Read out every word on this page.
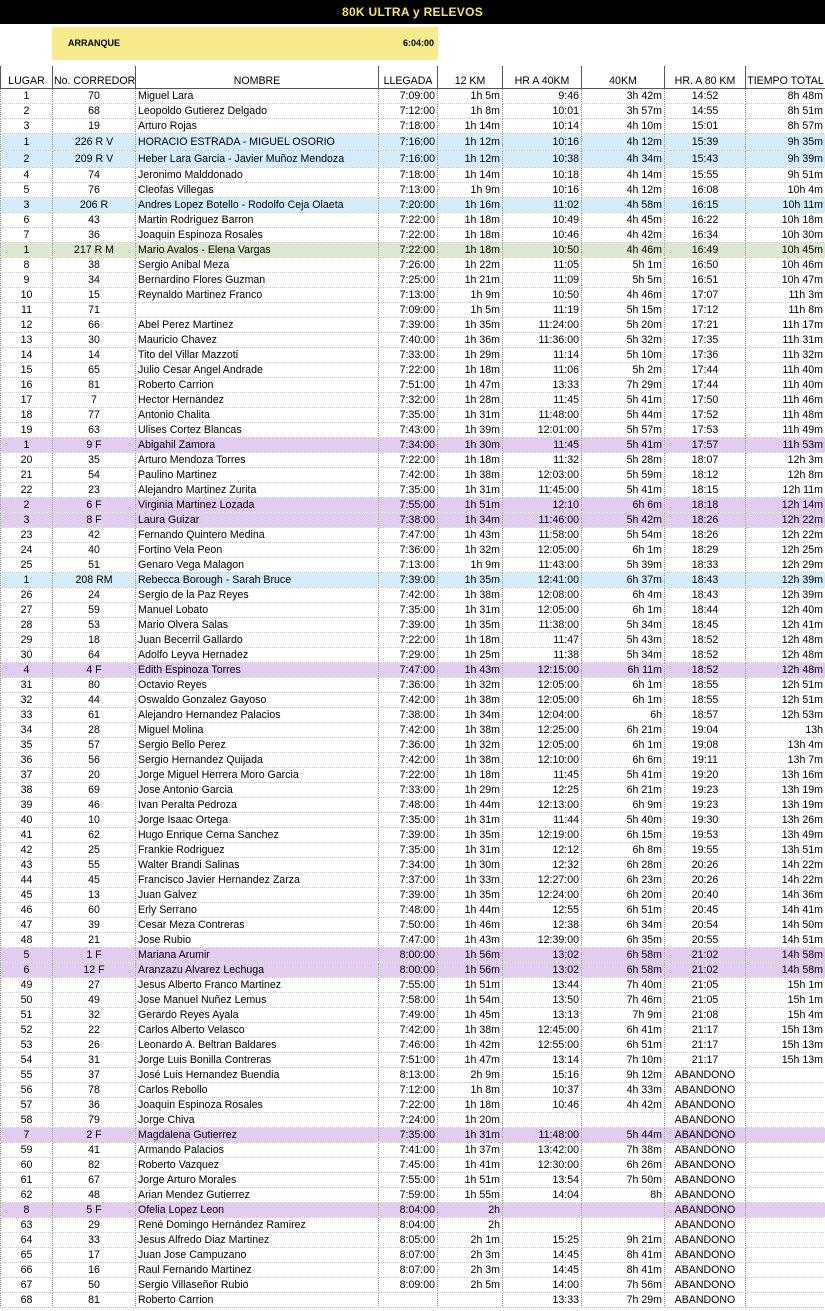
80K ULTRA y RELEVOS
ARRANQUE	6:04:00
LUGAR	No. CORREDOR	NOMBRE	LLEGADA	12 KM	HR A 40KM	40KM	HR. A 80 KM	TIEMPO TOTAL
1	70	Miguel Lara	7:09:00	1h 5m	9:46	3h 42m	14:52	8h 48m
2	68	Leopoldo Gutierez Delgado	7:12:00	1h 8m	10:01	3h 57m	14:55	8h 51m
3	19	Arturo Rojas	7:18:00	1h 14m	10:14	4h 10m	15:01	8h 57m
1	226 R V	HORACIO ESTRADA - MIGUEL OSORIO	7:16:00	1h 12m	10:16	4h 12m	15:39	9h 35m
2	209 R V	Heber Lara Garcia - Javier Muñoz Mendoza	7:16:00	1h 12m	10:38	4h 34m	15:43	9h 39m
4	74	Jeronimo Malddonado	7:18:00	1h 14m	10:18	4h 14m	15:55	9h 51m
5	76	Cleofas Villegas	7:13:00	1h 9m	10:16	4h 12m	16:08	10h 4m
3	206 R	Andres Lopez Botello - Rodolfo Ceja Olaeta	7:20:00	1h 16m	11:02	4h 58m	16:15	10h 11m
6	43	Martin Rodriguez Barron	7:22:00	1h 18m	10:49	4h 45m	16:22	10h 18m
7	36	Joaquin Espinoza Rosales	7:22:00	1h 18m	10:46	4h 42m	16:34	10h 30m
1	217 R M	Mario Avalos - Elena Vargas	7:22:00	1h 18m	10:50	4h 46m	16:49	10h 45m
8	38	Sergio Anibal Meza	7:26:00	1h 22m	11:05	5h 1m	16:50	10h 46m
9	34	Bernardino Flores Guzman	7:25:00	1h 21m	11:09	5h 5m	16:51	10h 47m
10	15	Reynaldo Martinez Franco	7:13:00	1h 9m	10:50	4h 46m	17:07	11h 3m
11	71		7:09:00	1h 5m	11:19	5h 15m	17:12	11h 8m
12	66	Abel Perez Martinez	7:39:00	1h 35m	11:24:00	5h 20m	17:21	11h 17m
13	30	Mauricio Chavez	7:40:00	1h 36m	11:36:00	5h 32m	17:35	11h 31m
14	14	Tito del Villar Mazzoti	7:33:00	1h 29m	11:14	5h 10m	17:36	11h 32m
15	65	Julio Cesar Angel Andrade	7:22:00	1h 18m	11:06	5h 2m	17:44	11h 40m
16	81	Roberto Carrion	7:51:00	1h 47m	13:33	7h 29m	17:44	11h 40m
17	7	Hector Hernandez	7:32:00	1h 28m	11:45	5h 41m	17:50	11h 46m
18	77	Antonio Chalita	7:35:00	1h 31m	11:48:00	5h 44m	17:52	11h 48m
19	63	Ulises Cortez Blancas	7:43:00	1h 39m	12:01:00	5h 57m	17:53	11h 49m
1	9 F	Abigahil Zamora	7:34:00	1h 30m	11:45	5h 41m	17:57	11h 53m
20	35	Arturo Mendoza Torres	7:22:00	1h 18m	11:32	5h 28m	18:07	12h 3m
21	54	Paulino Martinez	7:42:00	1h 38m	12:03:00	5h 59m	18:12	12h 8m
22	23	Alejandro Martinez Zurita	7:35:00	1h 31m	11:45:00	5h 41m	18:15	12h 11m
2	6 F	Virginia Martinez Lozada	7:55:00	1h 51m	12:10	6h 6m	18:18	12h 14m
3	8 F	Laura Guizar	7:38:00	1h 34m	11:46:00	5h 42m	18:26	12h 22m
23	42	Fernando Quintero Medina	7:47:00	1h 43m	11:58:00	5h 54m	18:26	12h 22m
24	40	Fortino Vela Peon	7:36:00	1h 32m	12:05:00	6h 1m	18:29	12h 25m
25	51	Genaro Vega Malagon	7:13:00	1h 9m	11:43:00	5h 39m	18:33	12h 29m
1	208 RM	Rebecca Borough - Sarah Bruce	7:39:00	1h 35m	12:41:00	6h 37m	18:43	12h 39m
26	24	Sergio de la Paz Reyes	7:42:00	1h 38m	12:08:00	6h 4m	18:43	12h 39m
27	59	Manuel Lobato	7:35:00	1h 31m	12:05:00	6h 1m	18:44	12h 40m
28	53	Mario Olvera Salas	7:39:00	1h 35m	11:38:00	5h 34m	18:45	12h 41m
29	18	Juan Becerril Gallardo	7:22:00	1h 18m	11:47	5h 43m	18:52	12h 48m
30	64	Adolfo Leyva Hernadez	7:29:00	1h 25m	11:38	5h 34m	18:52	12h 48m
4	4 F	Edith Espinoza Torres	7:47:00	1h 43m	12:15:00	6h 11m	18:52	12h 48m
31	80	Octavio Reyes	7:36:00	1h 32m	12:05:00	6h 1m	18:55	12h 51m
32	44	Oswaldo Gonzalez Gayoso	7:42:00	1h 38m	12:05:00	6h 1m	18:55	12h 51m
33	61	Alejandro Hernandez Palacios	7:38:00	1h 34m	12:04:00	6h	18:57	12h 53m
34	28	Miguel Molina	7:42:00	1h 38m	12:25:00	6h 21m	19:04	13h
35	57	Sergio Bello Perez	7:36:00	1h 32m	12:05:00	6h 1m	19:08	13h 4m
36	56	Sergio Hernandez Quijada	7:42:00	1h 38m	12:10:00	6h 6m	19:11	13h 7m
37	20	Jorge Miguel Herrera Moro Garcia	7:22:00	1h 18m	11:45	5h 41m	19:20	13h 16m
38	69	Jose Antonio Garcia	7:33:00	1h 29m	12:25	6h 21m	19:23	13h 19m
39	46	Ivan Peralta Pedroza	7:48:00	1h 44m	12:13:00	6h 9m	19:23	13h 19m
40	10	Jorge Isaac Ortega	7:35:00	1h 31m	11:44	5h 40m	19:30	13h 26m
41	62	Hugo Enrique Cerna Sanchez	7:39:00	1h 35m	12:19:00	6h 15m	19:53	13h 49m
42	25	Frankie Rodriguez	7:35:00	1h 31m	12:12	6h 8m	19:55	13h 51m
43	55	Walter Brandi Salinas	7:34:00	1h 30m	12:32	6h 28m	20:26	14h 22m
44	45	Francisco Javier Hernandez Zarza	7:37:00	1h 33m	12:27:00	6h 23m	20:26	14h 22m
45	13	Juan Galvez	7:39:00	1h 35m	12:24:00	6h 20m	20:40	14h 36m
46	60	Erly Serrano	7:48:00	1h 44m	12:55	6h 51m	20:45	14h 41m
47	39	Cesar Meza Contreras	7:50:00	1h 46m	12:38	6h 34m	20:54	14h 50m
48	21	Jose Rubio	7:47:00	1h 43m	12:39:00	6h 35m	20:55	14h 51m
5	1 F	Mariana Arumir	8:00:00	1h 56m	13:02	6h 58m	21:02	14h 58m
6	12 F	Aranzazu Alvarez Lechuga	8:00:00	1h 56m	13:02	6h 58m	21:02	14h 58m
49	27	Jesus Alberto Franco Martinez	7:55:00	1h 51m	13:44	7h 40m	21:05	15h 1m
50	49	Jose Manuel Nuñez Lemus	7:58:00	1h 54m	13:50	7h 46m	21:05	15h 1m
51	32	Gerardo Reyes Ayala	7:49:00	1h 45m	13:13	7h 9m	21:08	15h 4m
52	22	Carlos Alberto Velasco	7:42:00	1h 38m	12:45:00	6h 41m	21:17	15h 13m
53	26	Leonardo A. Beltran Baldares	7:46:00	1h 42m	12:55:00	6h 51m	21:17	15h 13m
54	31	Jorge Luis Bonilla Contreras	7:51:00	1h 47m	13:14	7h 10m	21:17	15h 13m
55	37	José Luis Hernandez Buendia	8:13:00	2h 9m	15:16	9h 12m	ABANDONO	
56	78	Carlos Rebollo	7:12:00	1h 8m	10:37	4h 33m	ABANDONO	
57	36	Joaquin Espinoza Rosales	7:22:00	1h 18m	10:46	4h 42m	ABANDONO	
58	79	Jorge Chiva	7:24:00	1h 20m			ABANDONO	
7	2 F	Magdalena Gutierrez	7:35:00	1h 31m	11:48:00	5h 44m	ABANDONO	
59	41	Armando Palacios	7:41:00	1h 37m	13:42:00	7h 38m	ABANDONO	
60	82	Roberto Vazquez	7:45:00	1h 41m	12:30:00	6h 26m	ABANDONO	
61	67	Jorge Arturo Morales	7:55:00	1h 51m	13:54	7h 50m	ABANDONO	
62	48	Arian Mendez Gutierrez	7:59:00	1h 55m	14:04	8h	ABANDONO	
8	5 F	Ofelia Lopez Leon	8:04:00	2h			ABANDONO	
63	29	René Domingo Hernández Ramirez	8:04:00	2h			ABANDONO	
64	33	Jesus Alfredo Diaz Martinez	8:05:00	2h 1m	15:25	9h 21m	ABANDONO	
65	17	Juan Jose Campuzano	8:07:00	2h 3m	14:45	8h 41m	ABANDONO	
66	16	Raul Fernando Martinez	8:07:00	2h 3m	14:45	8h 41m	ABANDONO	
67	50	Sergio Villaseñor Rubio	8:09:00	2h 5m	14:00	7h 56m	ABANDONO	
68	81	Roberto Carrion			13:33	7h 29m	ABANDONO	
